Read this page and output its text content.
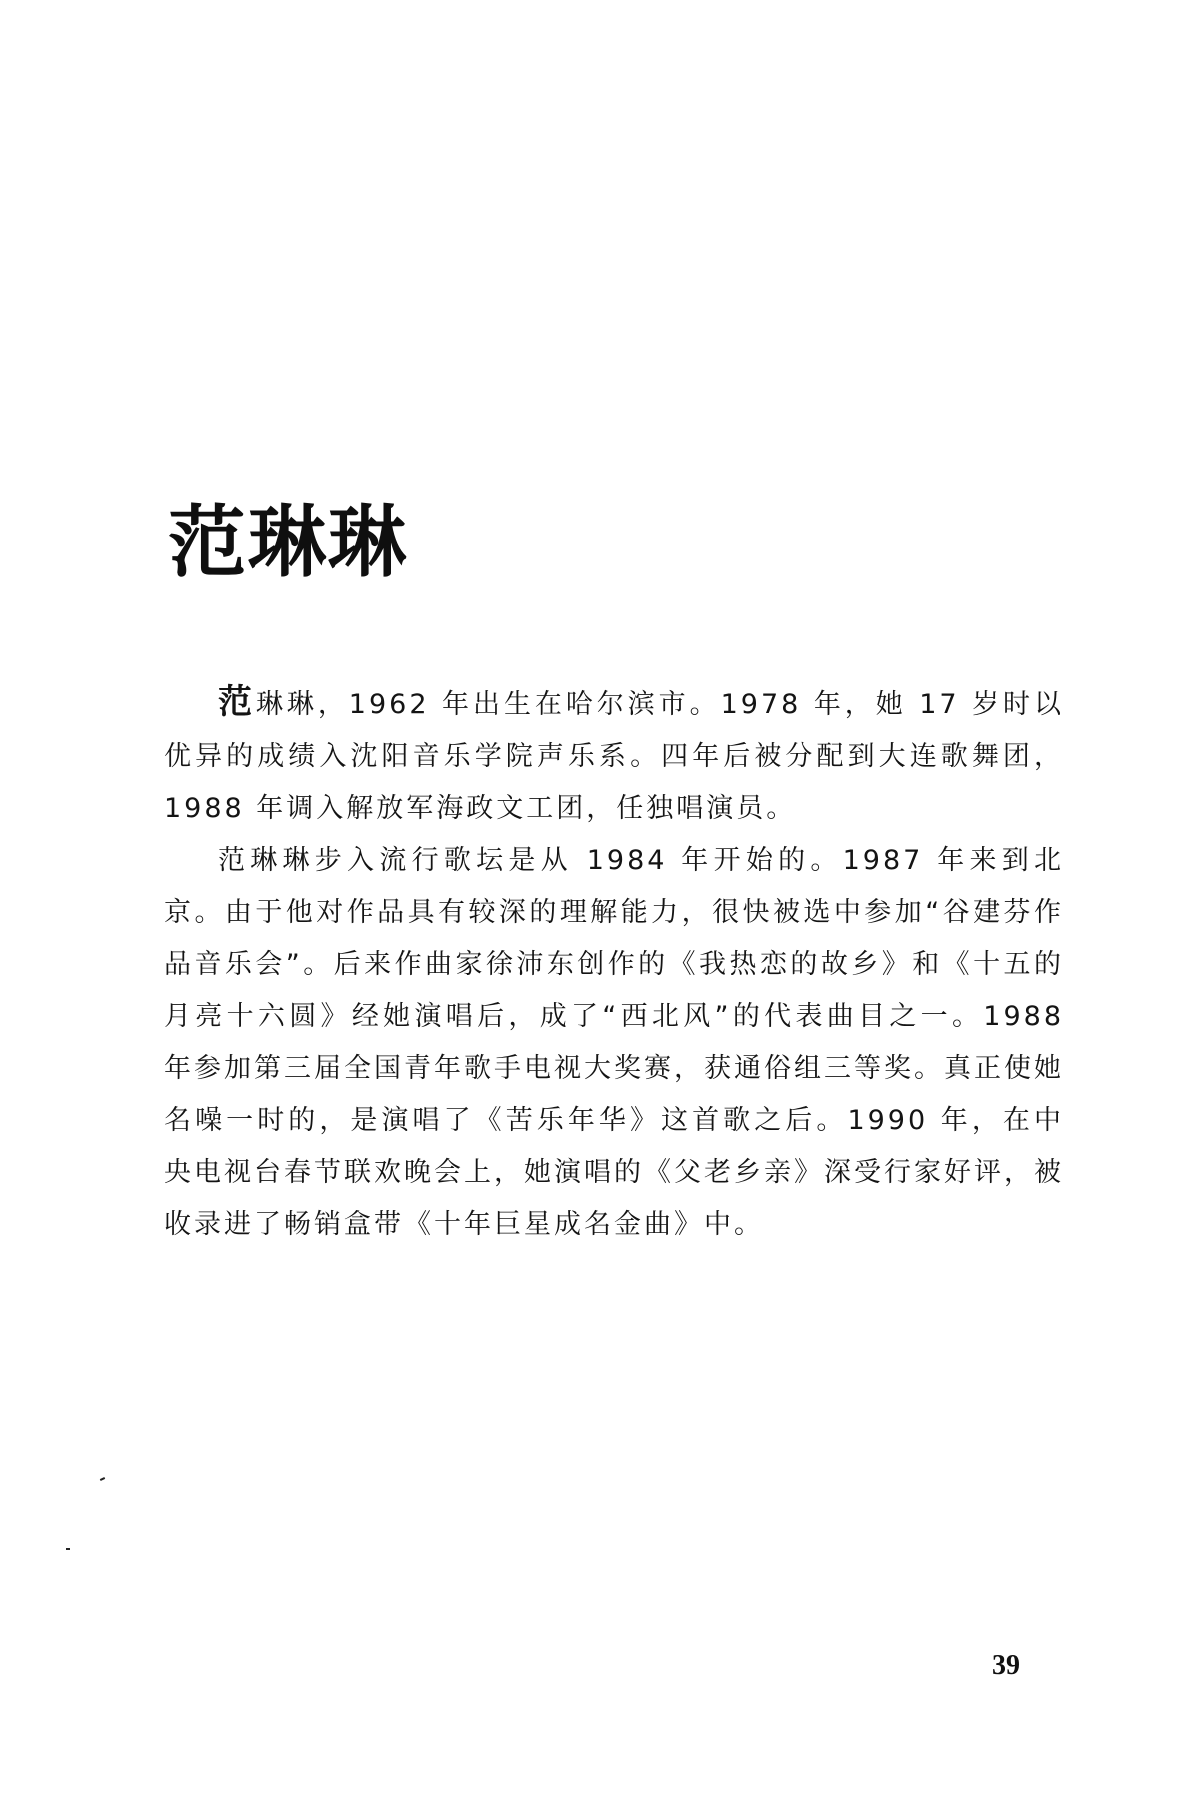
范琳琳

范琳琳，1962 年出生在哈尔滨市。1978 年，她 17 岁时以优异的成绩入沈阳音乐学院声乐系。四年后被分配到大连歌舞团，1988 年调入解放军海政文工团，任独唱演员。

范琳琳步入流行歌坛是从 1984 年开始的。1987 年来到北京。由于他对作品具有较深的理解能力，很快被选中参加“谷建芬作品音乐会”。后来作曲家徐沛东创作的《我热恋的故乡》和《十五的月亮十六圆》经她演唱后，成了“西北风”的代表曲目之一。1988 年参加第三届全国青年歌手电视大奖赛，获通俗组三等奖。真正使她名噪一时的，是演唱了《苦乐年华》这首歌之后。1990 年，在中央电视台春节联欢晚会上，她演唱的《父老乡亲》深受行家好评，被收录进了畅销盒带《十年巨星成名金曲》中。

39
